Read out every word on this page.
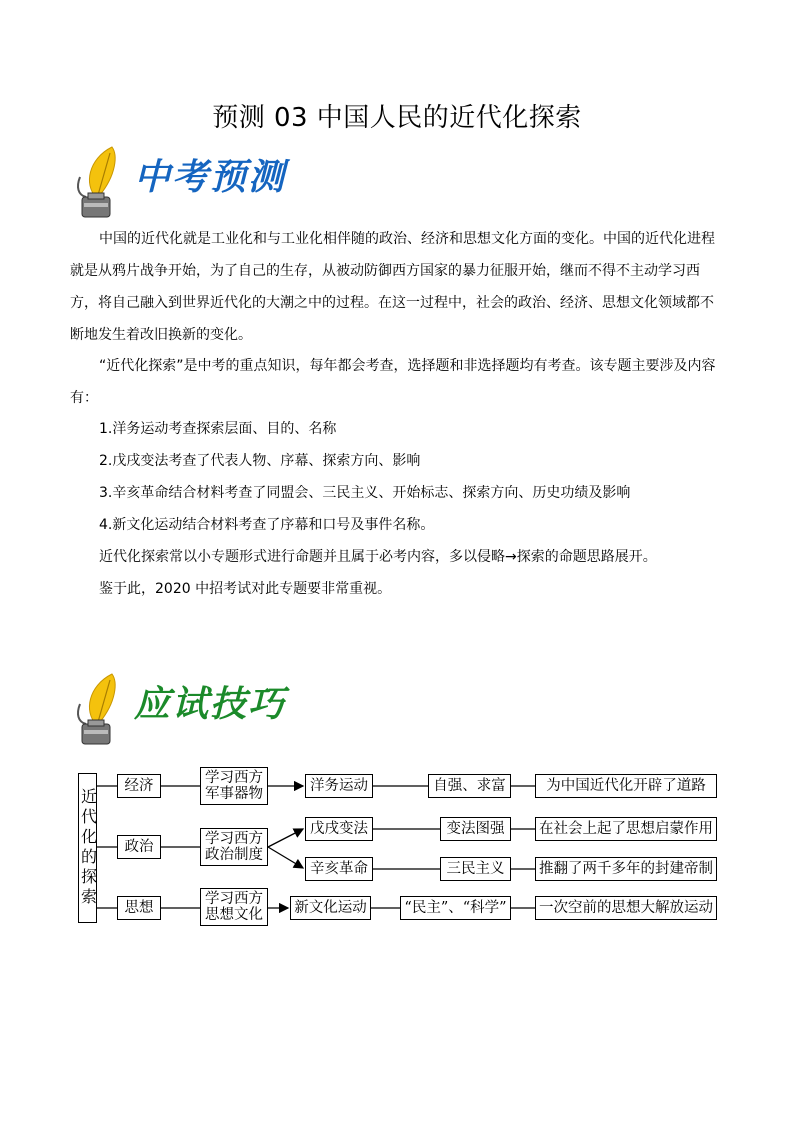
预测 03 中国人民的近代化探索
中考预测

中国的近代化就是工业化和与工业化相伴随的政治、经济和思想文化方面的变化。中国的近代化进程就是从鸦片战争开始，为了自己的生存，从被动防御西方国家的暴力征服开始，继而不得不主动学习西方，将自己融入到世界近代化的大潮之中的过程。在这一过程中，社会的政治、经济、思想文化领域都不断地发生着改旧换新的变化。

“近代化探索”是中考的重点知识，每年都会考查，选择题和非选择题均有考查。该专题主要涉及内容有：

1.洋务运动考查探索层面、目的、名称
2.戊戌变法考查了代表人物、序幕、探索方向、影响
3.辛亥革命结合材料考查了同盟会、三民主义、开始标志、探索方向、历史功绩及影响
4.新文化运动结合材料考查了序幕和口号及事件名称。
近代化探索常以小专题形式进行命题并且属于必考内容，多以侵略→探索的命题思路展开。
鉴于此，2020 中招考试对此专题要非常重视。
应试技巧
近代化的探索
经济
政治
思想
学习西方军事器物
学习西方政治制度
学习西方思想文化
洋务运动
戊戌变法
辛亥革命
新文化运动
自强、求富
变法图强
三民主义
“民主”、“科学”
为中国近代化开辟了道路
在社会上起了思想启蒙作用
推翻了两千多年的封建帝制
一次空前的思想大解放运动
